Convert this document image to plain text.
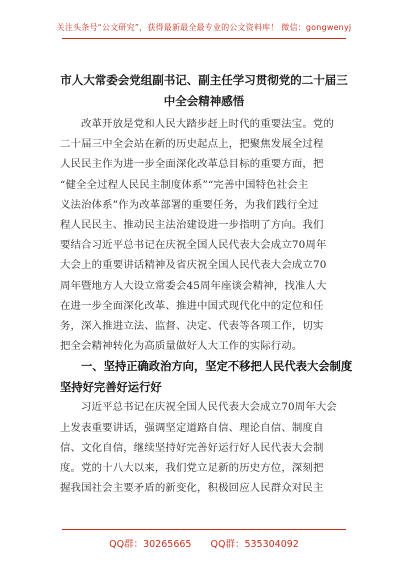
关注头条号“公文研究”，获得最新最全最专业的公文资料库！ 微信：gongwenyj
市人大常委会党组副书记、副主任学习贯彻党的二十届三
中全会精神感悟

改革开放是党和人民大踏步赶上时代的重要法宝。党的
二十届三中全会站在新的历史起点上，把聚焦发展全过程
人民民主作为进一步全面深化改革总目标的重要方面，把
“健全全过程人民民主制度体系”“完善中国特色社会主
义法治体系”作为改革部署的重要任务，为我们践行全过
程人民民主、推动民主法治建设进一步指明了方向。我们
要结合习近平总书记在庆祝全国人民代表大会成立70周年
大会上的重要讲话精神及省庆祝全国人民代表大会成立70
周年暨地方人大设立常委会45周年座谈会精神，找准人大
在进一步全面深化改革、推进中国式现代化中的定位和任
务，深入推进立法、监督、决定、代表等各项工作，切实
把全会精神转化为高质量做好人大工作的实际行动。

一、坚持正确政治方向，坚定不移把人民代表大会制度
坚持好完善好运行好

习近平总书记在庆祝全国人民代表大会成立70周年大会
上发表重要讲话，强调坚定道路自信、理论自信、制度自
信、文化自信，继续坚持好完善好运行好人民代表大会制
度。党的十八大以来，我们党立足新的历史方位，深刻把
握我国社会主要矛盾的新变化，积极回应人民群众对民主

QQ群：30265665 QQ群：535304092
